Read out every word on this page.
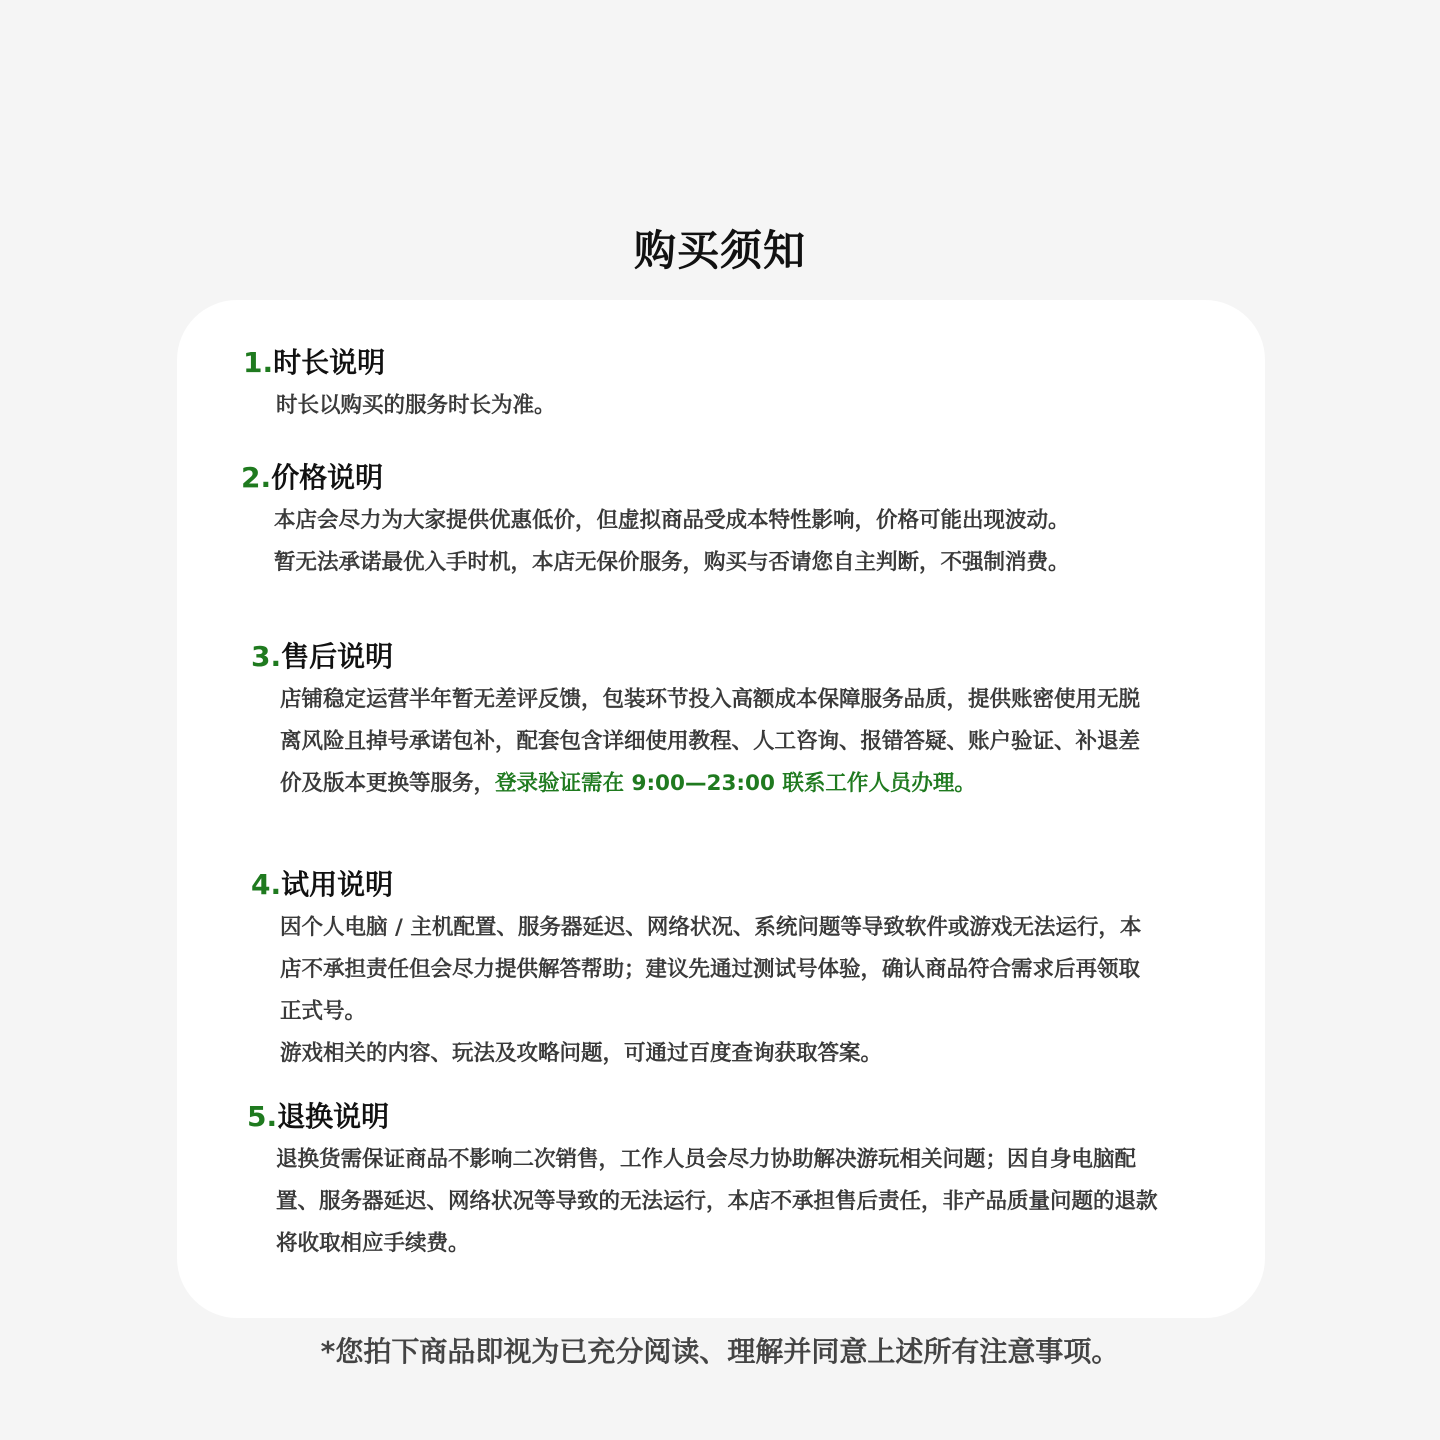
购买须知
1.时长说明
时长以购买的服务时长为准。
2.价格说明
本店会尽力为大家提供优惠低价，但虚拟商品受成本特性影响，价格可能出现波动。
暂无法承诺最优入手时机，本店无保价服务，购买与否请您自主判断，不强制消费。
3.售后说明
店铺稳定运营半年暂无差评反馈，包装环节投入高额成本保障服务品质，提供账密使用无脱离风险且掉号承诺包补，配套包含详细使用教程、人工咨询、报错答疑、账户验证、补退差价及版本更换等服务，登录验证需在 9:00—23:00 联系工作人员办理。
4.试用说明
因个人电脑 / 主机配置、服务器延迟、网络状况、系统问题等导致软件或游戏无法运行，本店不承担责任但会尽力提供解答帮助；建议先通过测试号体验，确认商品符合需求后再领取正式号。
游戏相关的内容、玩法及攻略问题，可通过百度查询获取答案。
5.退换说明
退换货需保证商品不影响二次销售，工作人员会尽力协助解决游玩相关问题；因自身电脑配置、服务器延迟、网络状况等导致的无法运行，本店不承担售后责任，非产品质量问题的退款将收取相应手续费。
*您拍下商品即视为已充分阅读、理解并同意上述所有注意事项。
